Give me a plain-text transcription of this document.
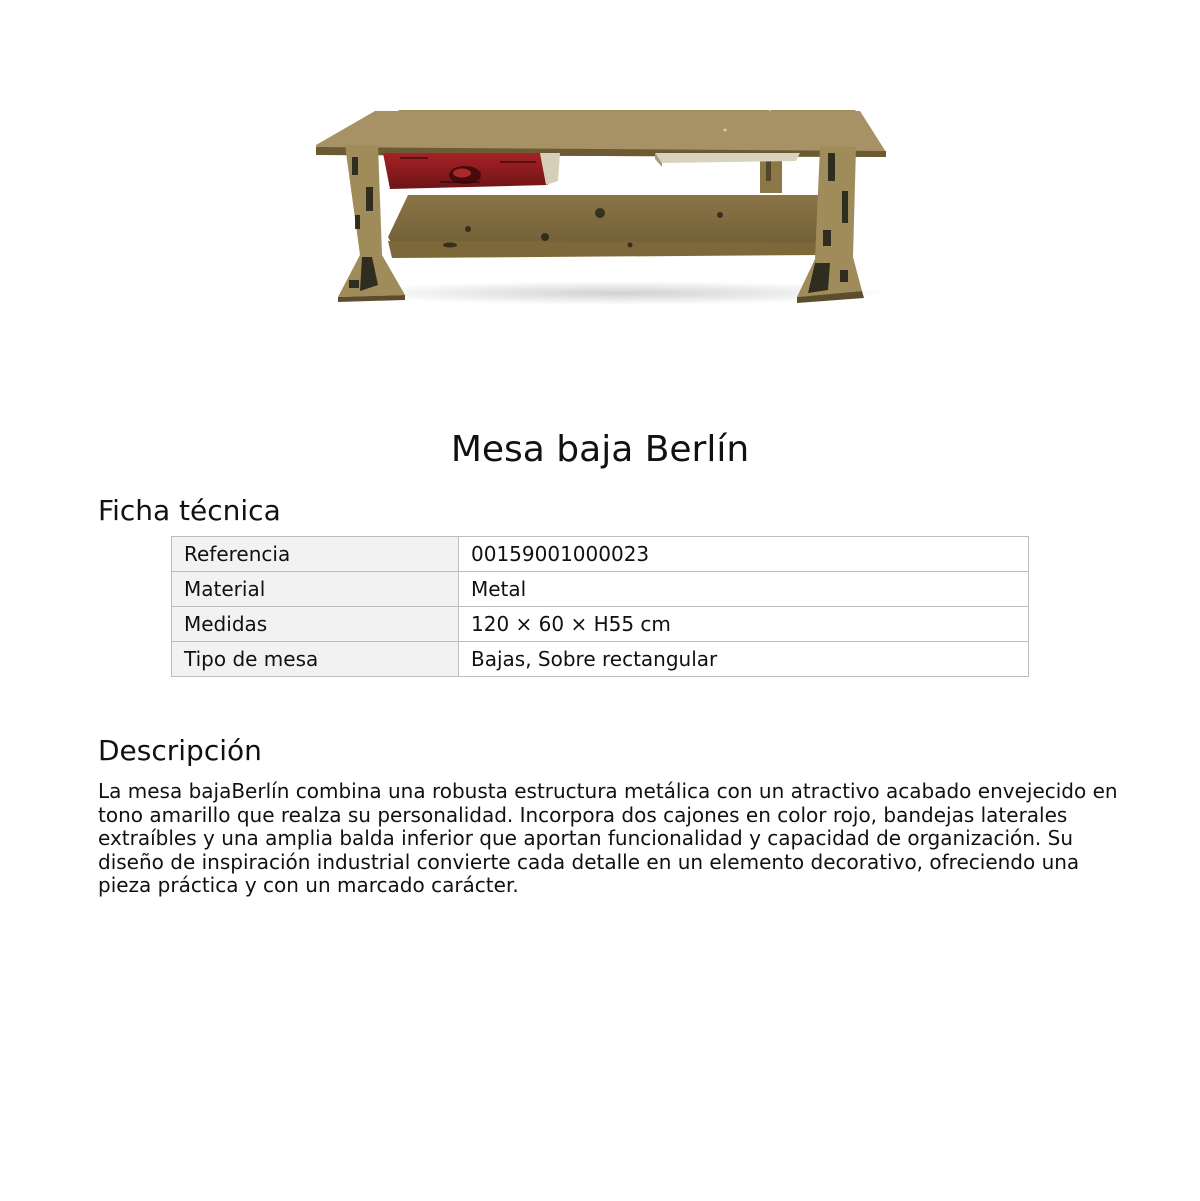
Mesa baja Berlín
Ficha técnica
Referencia	00159001000023
Material	Metal
Medidas	120 × 60 × H55 cm
Tipo de mesa	Bajas, Sobre rectangular
Descripción

La mesa bajaBerlín combina una robusta estructura metálica con un atractivo acabado envejecido en tono amarillo que realza su personalidad. Incorpora dos cajones en color rojo, bandejas laterales extraíbles y una amplia balda inferior que aportan funcionalidad y capacidad de organización. Su diseño de inspiración industrial convierte cada detalle en un elemento decorativo, ofreciendo una pieza práctica y con un marcado carácter.
